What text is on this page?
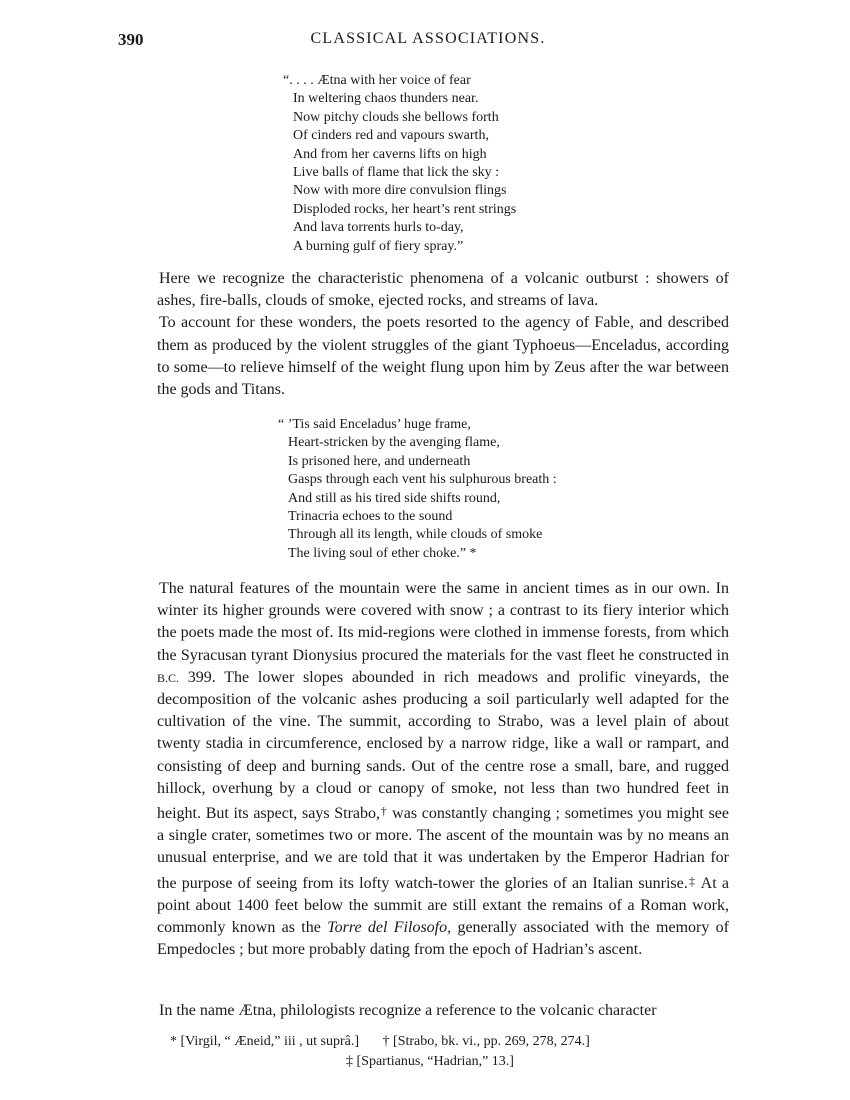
390	CLASSICAL ASSOCIATIONS.
“. . . . Ætna with her voice of fear
In weltering chaos thunders near.
Now pitchy clouds she bellows forth
Of cinders red and vapours swarth,
And from her caverns lifts on high
Live balls of flame that lick the sky :
Now with more dire convulsion flings
Disploded rocks, her heart’s rent strings
And lava torrents hurls to-day,
A burning gulf of fiery spray.”

Here we recognize the characteristic phenomena of a volcanic outburst : showers of ashes, fire-balls, clouds of smoke, ejected rocks, and streams of lava.

To account for these wonders, the poets resorted to the agency of Fable, and described them as produced by the violent struggles of the giant Typhoeus—Enceladus, according to some—to relieve himself of the weight flung upon him by Zeus after the war between the gods and Titans.

“ ’Tis said Enceladus’ huge frame,
Heart-stricken by the avenging flame,
Is prisoned here, and underneath
Gasps through each vent his sulphurous breath :
And still as his tired side shifts round,
Trinacria echoes to the sound
Through all its length, while clouds of smoke
The living soul of ether choke.” *

The natural features of the mountain were the same in ancient times as in our own. In winter its higher grounds were covered with snow ; a contrast to its fiery interior which the poets made the most of. Its mid-regions were clothed in immense forests, from which the Syracusan tyrant Dionysius procured the materials for the vast fleet he constructed in B.C. 399. The lower slopes abounded in rich meadows and prolific vineyards, the decomposition of the volcanic ashes producing a soil particularly well adapted for the cultivation of the vine. The summit, according to Strabo, was a level plain of about twenty stadia in circumference, enclosed by a narrow ridge, like a wall or rampart, and consisting of deep and burning sands. Out of the centre rose a small, bare, and rugged hillock, overhung by a cloud or canopy of smoke, not less than two hundred feet in height. But its aspect, says Strabo,† was constantly changing ; sometimes you might see a single crater, sometimes two or more. The ascent of the mountain was by no means an unusual enterprise, and we are told that it was undertaken by the Emperor Hadrian for the purpose of seeing from its lofty watch-tower the glories of an Italian sunrise.‡ At a point about 1400 feet below the summit are still extant the remains of a Roman work, commonly known as the Torre del Filosofo, generally associated with the memory of Empedocles ; but more probably dating from the epoch of Hadrian’s ascent.

In the name Ætna, philologists recognize a reference to the volcanic character

* [Virgil, “ Æneid,” iii , ut suprâ.] † [Strabo, bk. vi., pp. 269, 278, 274.]
‡ [Spartianus, “Hadrian,” 13.]
